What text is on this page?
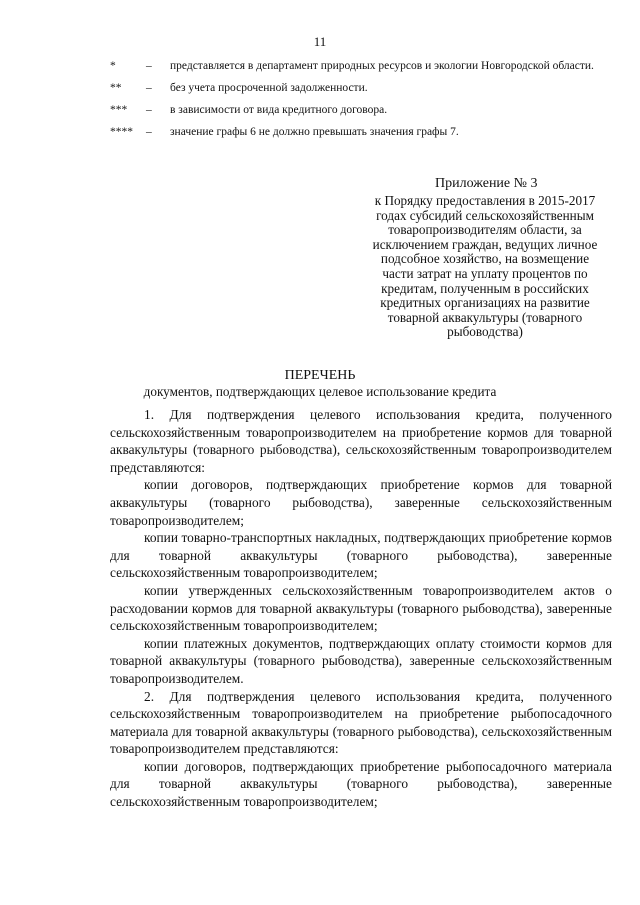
11
*	–	представляется в департамент природных ресурсов и экологии Новгородской области.
**	–	без учета просроченной задолженности.
***	–	в зависимости от вида кредитного договора.
****	–	значение графы 6 не должно превышать значения графы 7.
Приложение № 3
к Порядку предоставления в 2015-2017 годах субсидий сельскохозяйственным товаропроизводителям области, за исключением граждан, ведущих личное подсобное хозяйство, на возмещение части затрат на уплату процентов по кредитам, полученным в российских кредитных организациях на развитие товарной аквакультуры (товарного рыбоводства)
ПЕРЕЧЕНЬ
документов, подтверждающих целевое использование кредита

1. Для подтверждения целевого использования кредита, полученного сельскохозяйственным товаропроизводителем на приобретение кормов для товарной аквакультуры (товарного рыбоводства), сельскохозяйственным товаропроизводителем представляются:

копии договоров, подтверждающих приобретение кормов для товарной аквакультуры (товарного рыбоводства), заверенные сельскохозяйственным товаропроизводителем;

копии товарно-транспортных накладных, подтверждающих приобретение кормов для товарной аквакультуры (товарного рыбоводства), заверенные сельскохозяйственным товаропроизводителем;

копии утвержденных сельскохозяйственным товаропроизводителем актов о расходовании кормов для товарной аквакультуры (товарного рыбоводства), заверенные сельскохозяйственным товаропроизводителем;

копии платежных документов, подтверждающих оплату стоимости кормов для товарной аквакультуры (товарного рыбоводства), заверенные сельскохозяйственным товаропроизводителем.

2. Для подтверждения целевого использования кредита, полученного сельскохозяйственным товаропроизводителем на приобретение рыбопосадочного материала для товарной аквакультуры (товарного рыбоводства), сельскохозяйственным товаропроизводителем представляются:

копии договоров, подтверждающих приобретение рыбопосадочного материала для товарной аквакультуры (товарного рыбоводства), заверенные сельскохозяйственным товаропроизводителем;
